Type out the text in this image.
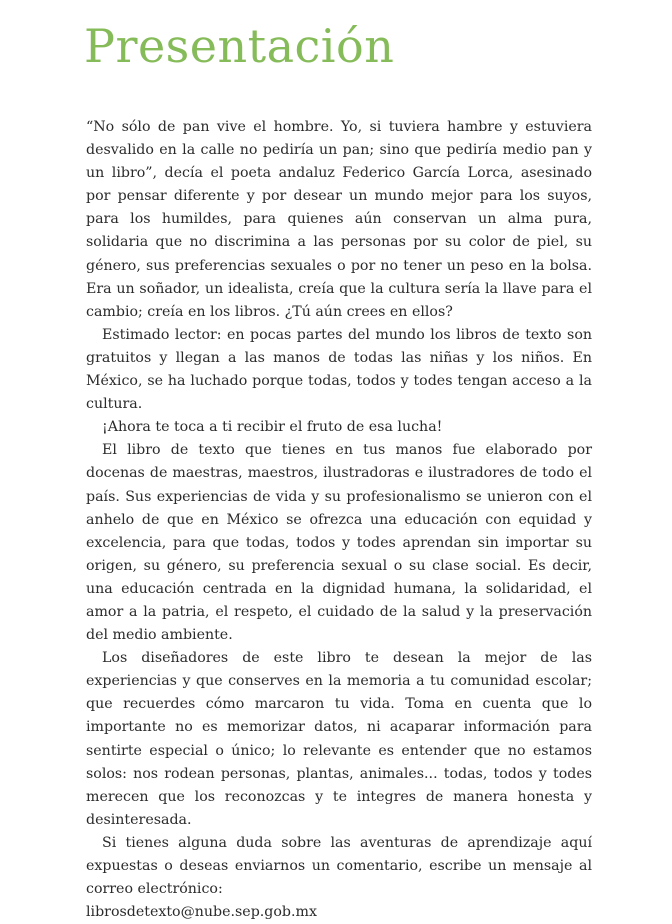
Presentación

“No sólo de pan vive el hombre. Yo, si tuviera hambre y estuviera desvalido en la calle no pediría un pan; sino que pediría medio pan y un libro”, decía el poeta andaluz Federico García Lorca, asesinado por pensar diferente y por desear un mundo mejor para los suyos, para los humildes, para quienes aún conservan un alma pura, solidaria que no discrimina a las personas por su color de piel, su género, sus preferencias sexuales o por no tener un peso en la bolsa. Era un soñador, un idealista, creía que la cultura sería la llave para el cambio; creía en los libros. ¿Tú aún crees en ellos?

Estimado lector: en pocas partes del mundo los libros de texto son gratuitos y llegan a las manos de todas las niñas y los niños. En México, se ha luchado porque todas, todos y todes tengan acceso a la cultura.

¡Ahora te toca a ti recibir el fruto de esa lucha!

El libro de texto que tienes en tus manos fue elaborado por docenas de maestras, maestros, ilustradoras e ilustradores de todo el país. Sus experiencias de vida y su profesionalismo se unieron con el anhelo de que en México se ofrezca una educación con equidad y excelencia, para que todas, todos y todes aprendan sin importar su origen, su género, su preferencia sexual o su clase social. Es decir, una educación centrada en la dignidad humana, la solidaridad, el amor a la patria, el respeto, el cuidado de la salud y la preservación del medio ambiente.

Los diseñadores de este libro te desean la mejor de las experiencias y que conserves en la memoria a tu comunidad escolar; que recuerdes cómo marcaron tu vida. Toma en cuenta que lo importante no es memorizar datos, ni acaparar información para sentirte especial o único; lo relevante es entender que no estamos solos: nos rodean personas, plantas, animales... todas, todos y todes merecen que los reconozcas y te integres de manera honesta y desinteresada.

Si tienes alguna duda sobre las aventuras de aprendizaje aquí expuestas o deseas enviarnos un comentario, escribe un mensaje al correo electrónico:
librosdetexto@nube.sep.gob.mx
